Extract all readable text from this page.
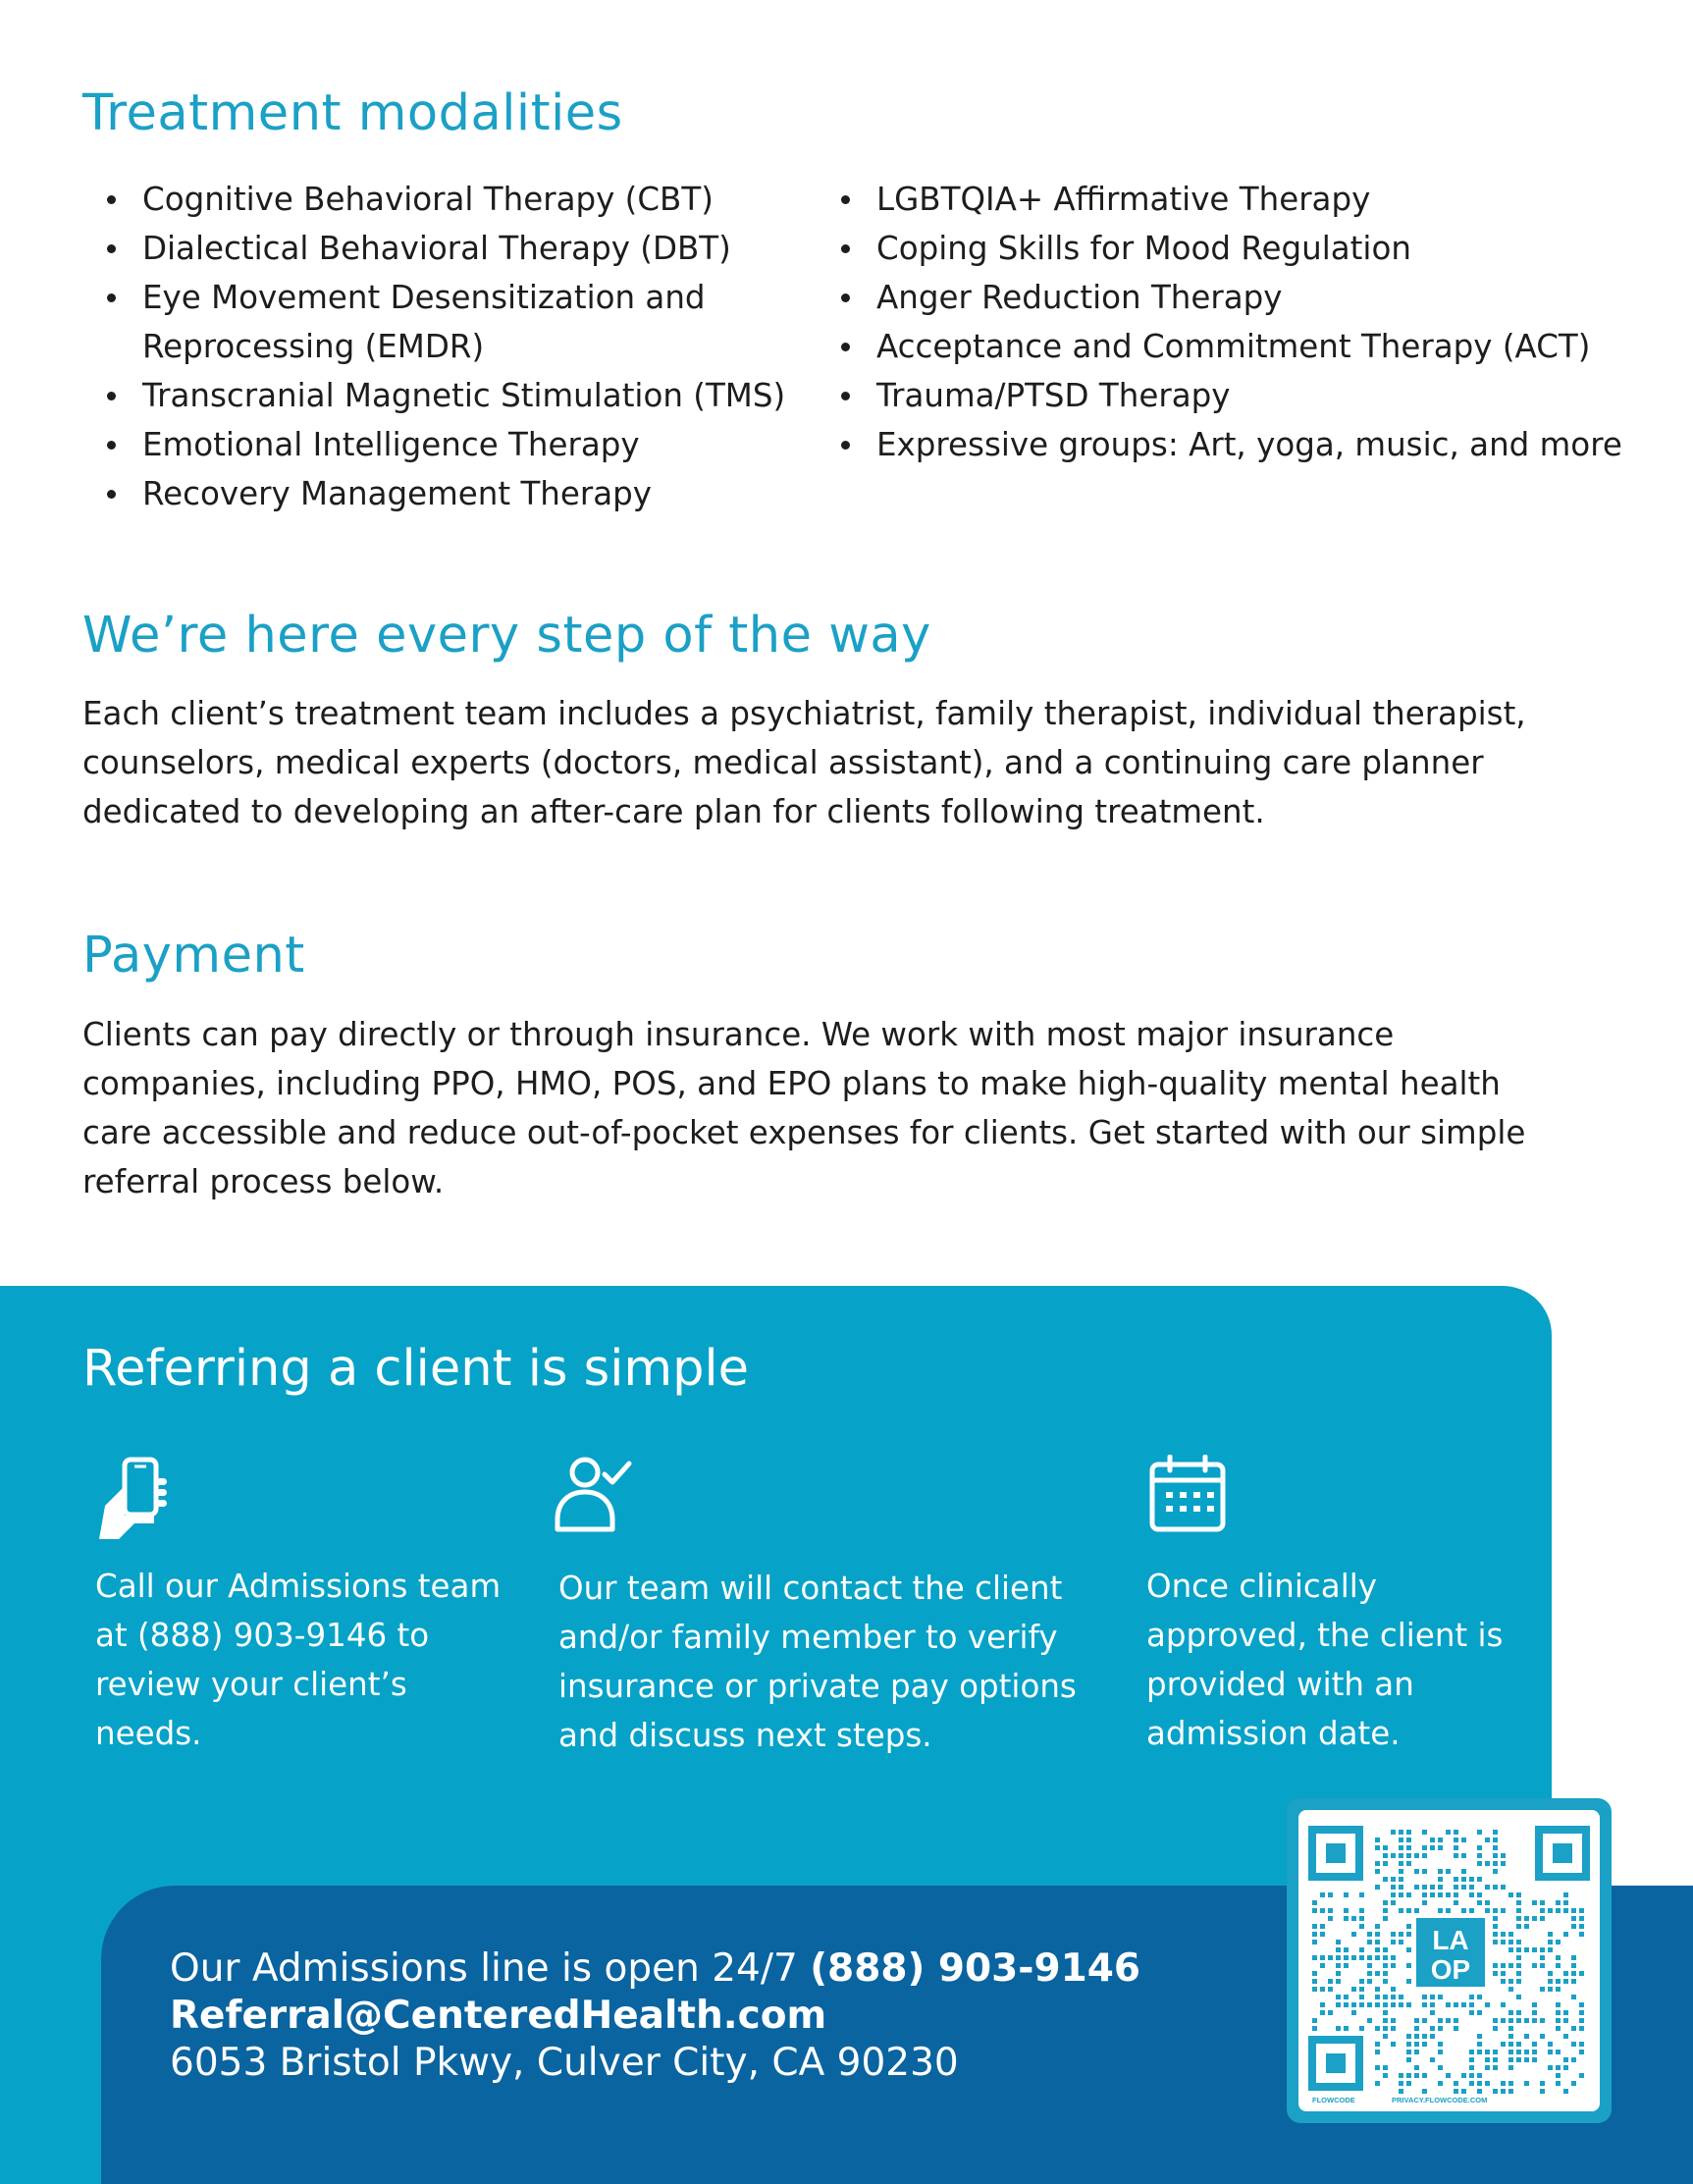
Treatment modalities
Cognitive Behavioral Therapy (CBT)
Dialectical Behavioral Therapy (DBT)
Eye Movement Desensitization and Reprocessing (EMDR)
Transcranial Magnetic Stimulation (TMS)
Emotional Intelligence Therapy
Recovery Management Therapy
LGBTQIA+ Affirmative Therapy
Coping Skills for Mood Regulation
Anger Reduction Therapy
Acceptance and Commitment Therapy (ACT)
Trauma/PTSD Therapy
Expressive groups: Art, yoga, music, and more
We’re here every step of the way

Each client’s treatment team includes a psychiatrist, family therapist, individual therapist, counselors, medical experts (doctors, medical assistant), and a continuing care planner dedicated to developing an after-care plan for clients following treatment.

Payment

Clients can pay directly or through insurance. We work with most major insurance companies, including PPO, HMO, POS, and EPO plans to make high-quality mental health care accessible and reduce out-of-pocket expenses for clients. Get started with our simple referral process below.

Referring a client is simple

Call our Admissions team at (888) 903-9146 to review your client’s needs.

Our team will contact the client and/or family member to verify insurance or private pay options and discuss next steps.

Once clinically approved, the client is provided with an admission date.

Our Admissions line is open 24/7 (888) 903-9146

Referral@CenteredHealth.com

6053 Bristol Pkwy, Culver City, CA 90230

LA
OP
FLOWCODE	PRIVACY.FLOWCODE.COM
